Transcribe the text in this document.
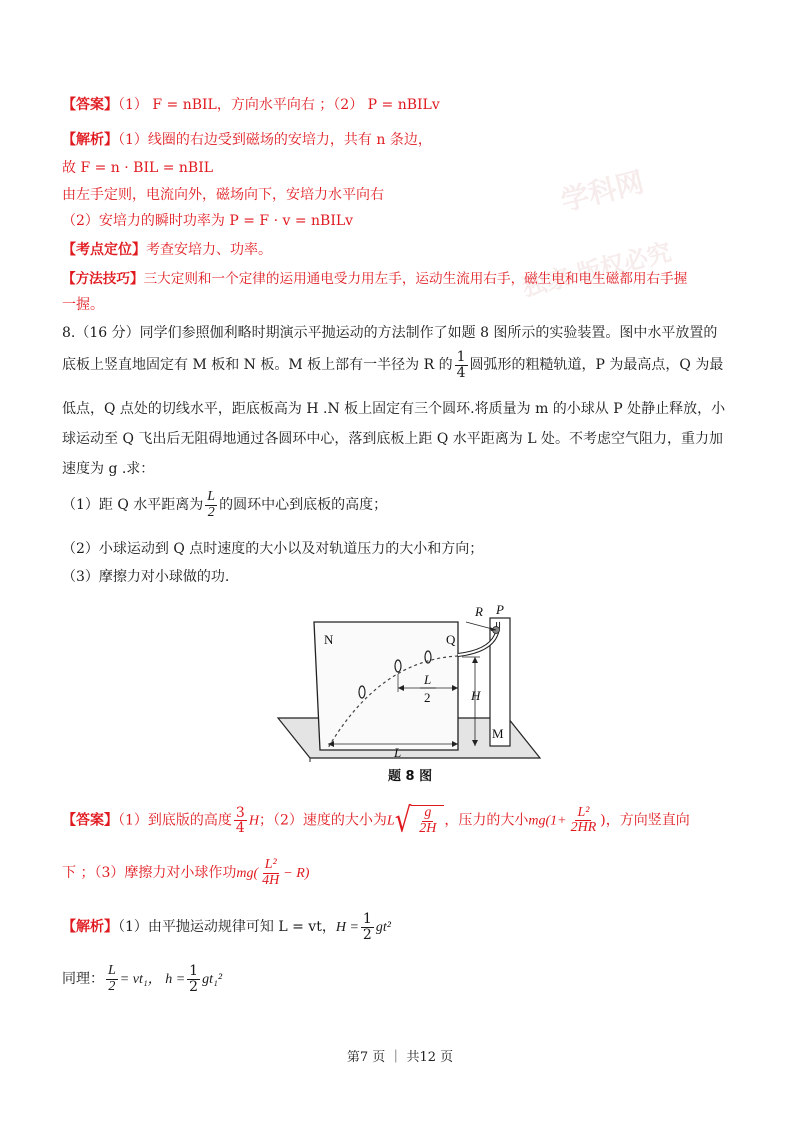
学科网
独家 版权必究
【答案】（1） F = nBIL，方向水平向右 ；（2） P = nBILv
【解析】（1）线圈的右边受到磁场的安培力，共有 n 条边，
故 F = n · BIL = nBIL
由左手定则，电流向外，磁场向下，安培力水平向右
（2）安培力的瞬时功率为 P = F · v = nBILv
【考点定位】考查安培力、功率。
【方法技巧】三大定则和一个定律的运用通电受力用左手，运动生流用右手，磁生电和电生磁都用右手握
一握。
8.（16 分）同学们参照伽利略时期演示平抛运动的方法制作了如题 8 图所示的实验装置。图中水平放置的
底板上竖直地固定有 M 板和 N 板。M 板上部有一半径为 R 的 $\frac{1}{4}$ 圆弧形的粗糙轨道，P 为最高点，Q 为最
低点，Q 点处的切线水平，距底板高为 H .N 板上固定有三个圆环.将质量为 m 的小球从 P 处静止释放，小
球运动至 Q 飞出后无阻碍地通过各圆环中心，落到底板上距 Q 水平距离为 L 处。不考虑空气阻力，重力加
速度为 g .求：
（1）距 Q 水平距离为 $\frac{L}{2}$ 的圆环中心到底板的高度；
（2）小球运动到 Q 点时速度的大小以及对轨道压力的大小和方向；
（3）摩擦力对小球做的功.
N	Q
P
R
H
M
L
L
2
题 8 图
【答案】（1）到底版的高度 $\frac{3}{4}$ H；（2）速度的大小为L √ $\frac{g}{2H}$ ，压力的大小$mg(1+ \frac{\text{L²}}{2HR}$ )，方向竖直向
下 ；（3）摩擦力对小球作功$mg( \frac{\text{L²}}{4H} - R)$
【解析】（1）由平抛运动规律可知 L = vt，$H = \frac{1}{2} gt^2$
同理： $\frac{L}{2} = vt_1$， $h = \frac{1}{2} gt_1^2$
第7 页 ｜ 共12 页
